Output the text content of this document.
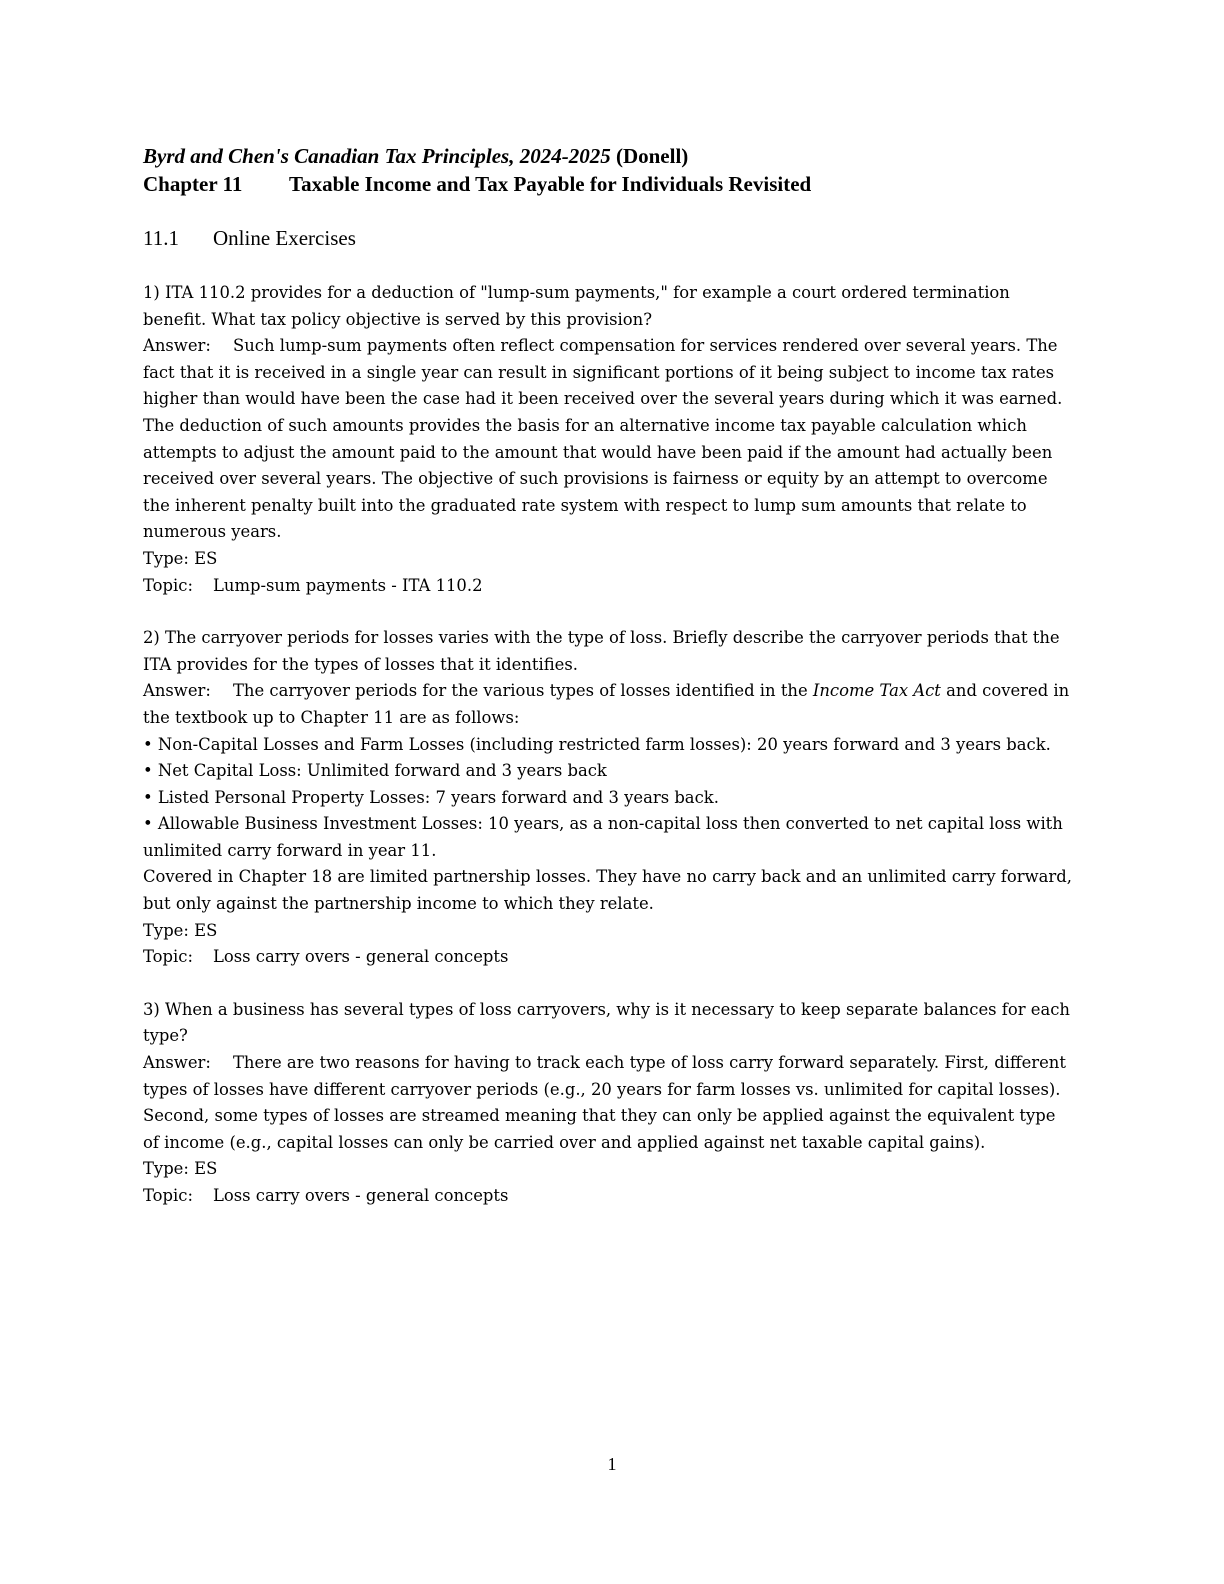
Byrd and Chen's Canadian Tax Principles, 2024-2025 (Donell)
Chapter 11 Taxable Income and Tax Payable for Individuals Revisited
11.1 Online Exercises
1) ITA 110.2 provides for a deduction of "lump-sum payments," for example a court ordered termination benefit. What tax policy objective is served by this provision?
Answer: Such lump-sum payments often reflect compensation for services rendered over several years. The fact that it is received in a single year can result in significant portions of it being subject to income tax rates higher than would have been the case had it been received over the several years during which it was earned. The deduction of such amounts provides the basis for an alternative income tax payable calculation which attempts to adjust the amount paid to the amount that would have been paid if the amount had actually been received over several years. The objective of such provisions is fairness or equity by an attempt to overcome the inherent penalty built into the graduated rate system with respect to lump sum amounts that relate to numerous years.
Type: ES
Topic: Lump-sum payments - ITA 110.2
2) The carryover periods for losses varies with the type of loss. Briefly describe the carryover periods that the ITA provides for the types of losses that it identifies.
Answer: The carryover periods for the various types of losses identified in the Income Tax Act and covered in the textbook up to Chapter 11 are as follows:
• Non-Capital Losses and Farm Losses (including restricted farm losses): 20 years forward and 3 years back.
• Net Capital Loss: Unlimited forward and 3 years back
• Listed Personal Property Losses: 7 years forward and 3 years back.
• Allowable Business Investment Losses: 10 years, as a non-capital loss then converted to net capital loss with unlimited carry forward in year 11.
Covered in Chapter 18 are limited partnership losses. They have no carry back and an unlimited carry forward, but only against the partnership income to which they relate.
Type: ES
Topic: Loss carry overs - general concepts
3) When a business has several types of loss carryovers, why is it necessary to keep separate balances for each type?
Answer: There are two reasons for having to track each type of loss carry forward separately. First, different types of losses have different carryover periods (e.g., 20 years for farm losses vs. unlimited for capital losses). Second, some types of losses are streamed meaning that they can only be applied against the equivalent type of income (e.g., capital losses can only be carried over and applied against net taxable capital gains).
Type: ES
Topic: Loss carry overs - general concepts
1
